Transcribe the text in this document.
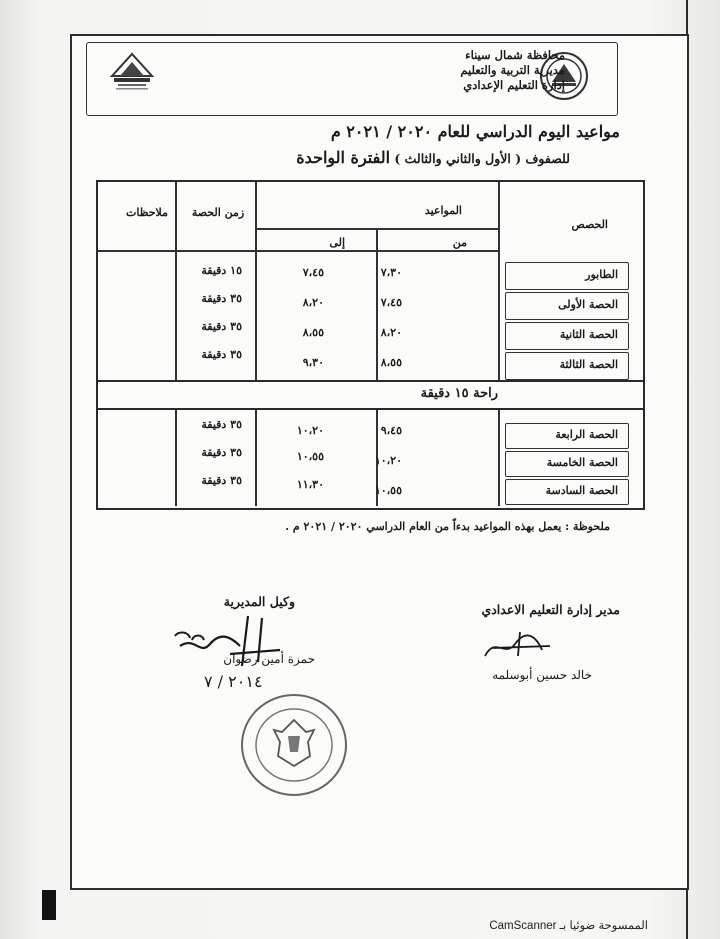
محافظة شمال سيناء
مديرية التربية والتعليم
إدارة التعليم الإعدادي
مواعيد اليوم الدراسي للعام ٢٠٢٠ / ٢٠٢١ م
للصفوف ( الأول والثاني والثالث ) الفترة الواحدة
الحصص
المواعيد
من
إلى
زمن الحصة
ملاحظات
الطابور
٧،٣٠
٧،٤٥
١٥ دقيقة
الحصة الأولى
٧،٤٥
٨،٢٠
٣٥ دقيقة
الحصة الثانية
٨،٢٠
٨،٥٥
٣٥ دقيقة
الحصة الثالثة
٨،٥٥
٩،٣٠
٣٥ دقيقة
راحة ١٥ دقيقة
الحصة الرابعة
٩،٤٥
١٠،٢٠
٣٥ دقيقة
الحصة الخامسة
١٠،٢٠
١٠،٥٥
٣٥ دقيقة
الحصة السادسة
١٠،٥٥
١١،٣٠
٣٥ دقيقة
ملحوظة : يعمل بهذه المواعيد بدءاً من العام الدراسي ٢٠٢٠ / ٢٠٢١ م .
وكيل المديرية
حمزة أمين رضوان
٢٠١٤ / ٧
مدير إدارة التعليم الاعدادي
خالد حسين أبوسلمه
الممسوحة ضوئيا بـ CamScanner
